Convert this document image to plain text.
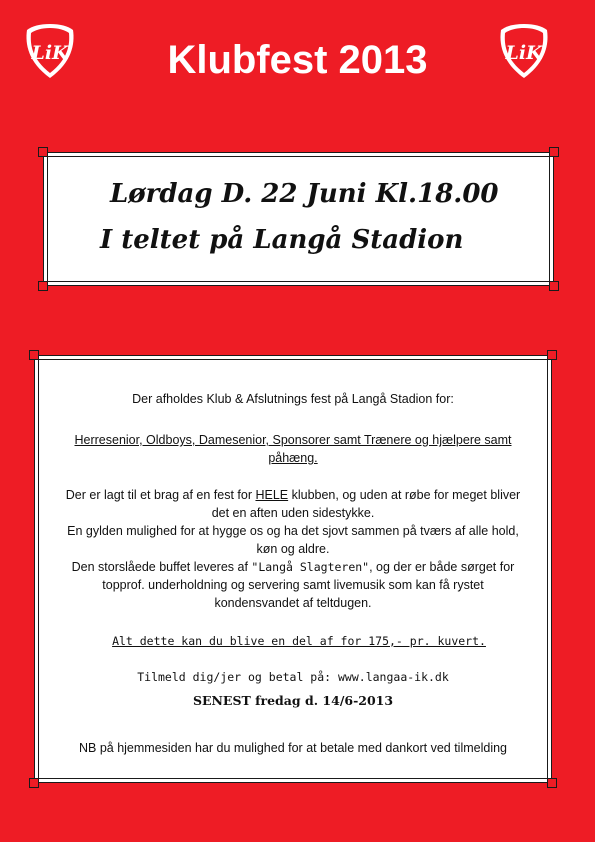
LiK	Klubfest 2013	LiK
Lørdag D. 22 Juni Kl.18.00
I teltet på Langå Stadion
Der afholdes Klub & Afslutnings fest på Langå Stadion for:
Herresenior, Oldboys, Damesenior, Sponsorer samt Trænere og hjælpere samt
påhæng.
Der er lagt til et brag af en fest for HELE klubben, og uden at røbe for meget bliver
det en aften uden sidestykke.
En gylden mulighed for at hygge os og ha det sjovt sammen på tværs af alle hold,
køn og aldre.
Den storslåede buffet leveres af "Langå Slagteren", og der er både sørget for
topprof. underholdning og servering samt livemusik som kan få rystet
kondensvandet af teltdugen.
Alt dette kan du blive en del af for 175,- pr. kuvert.
Tilmeld dig/jer og betal på: www.langaa-ik.dk
SENEST fredag d. 14/6-2013
NB på hjemmesiden har du mulighed for at betale med dankort ved tilmelding
